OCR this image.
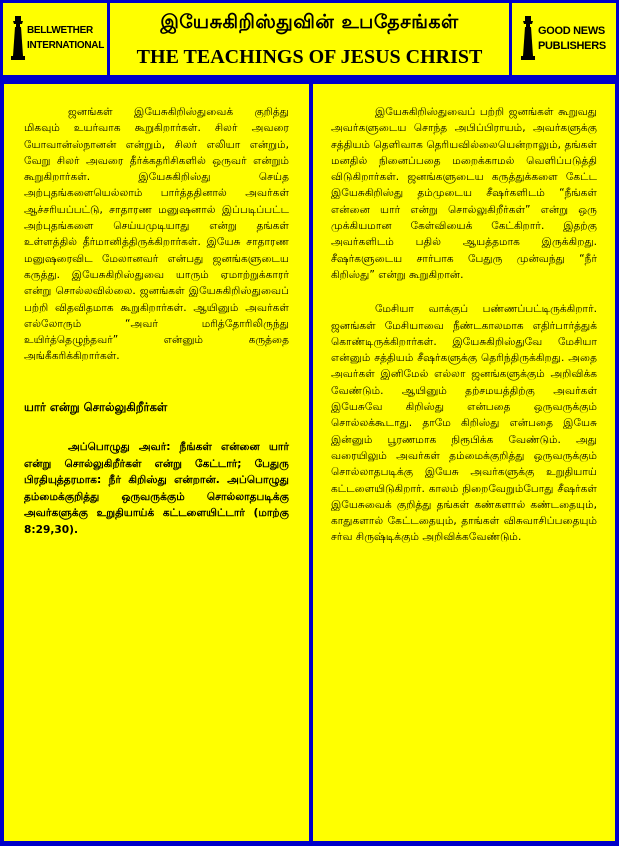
BELLWETHER
INTERNATIONAL
இயேசுகிறிஸ்துவின் உபதேசங்கள்
THE TEACHINGS OF JESUS CHRIST
GOOD NEWS
PUBLISHERS

ஜனங்கள் இயேசுகிறிஸ்துவைக் குறித்து மிகவும் உயர்வாக கூறுகிறார்கள். சிலர் அவரை யோவான்ஸ்நானன் என்றும், சிலர் எலியா என்றும், வேறு சிலர் அவரை தீர்க்கதரிசிகளில் ஒருவர் என்றும் கூறுகிறார்கள். இயேசுகிறிஸ்து செய்த அற்புதங்களையெல்லாம் பார்த்ததினால் அவர்கள் ஆச்சரியப்பட்டு, சாதாரண மனுஷனால் இப்படிப்பட்ட அற்புதங்களை செய்யமுடியாது என்று தங்கள் உள்ளத்தில் தீர்மானித்திருக்கிறார்கள். இயேசு சாதாரண மனுஷரைவிட மேலானவர் என்பது ஜனங்களுடைய கருத்து. இயேசுகிறிஸ்துவை யாரும் ஏமாற்றுக்காரர் என்று சொல்லவில்லை. ஜனங்கள் இயேசுகிறிஸ்துவைப் பற்றி விதவிதமாக கூறுகிறார்கள். ஆயினும் அவர்கள் எல்லோரும் “அவர் மரித்தோரிலிருந்து உயிர்த்தெழுந்தவர்” என்னும் கருத்தை அங்கீகரிக்கிறார்கள்.

யார் என்று சொல்லுகிறீர்கள்

அப்பொழுது அவர்: நீங்கள் என்னை யார் என்று சொல்லுகிறீர்கள் என்று கேட்டார்; பேதுரு பிரதியுத்தரமாக: நீர் கிறிஸ்து என்றான். அப்பொழுது தம்மைக்குறித்து ஒருவருக்கும் சொல்லாதபடிக்கு அவர்களுக்கு உறுதியாய்க் கட்டளையிட்டார் (மாற்கு 8:29,30).

இயேசுகிறிஸ்துவைப் பற்றி ஜனங்கள் கூறுவது அவர்களுடைய சொந்த அபிப்பிராயம், அவர்களுக்கு சத்தியம் தெளிவாக தெரியவில்லையென்றாலும், தங்கள் மனதில் நினைப்பதை மறைக்காமல் வெளிப்படுத்தி விடுகிறார்கள். ஜனங்களுடைய கருத்துக்களை கேட்ட இயேசுகிறிஸ்து தம்முடைய சீஷர்களிடம் “நீங்கள் என்னை யார் என்று சொல்லுகிறீர்கள்” என்று ஒரு முக்கியமான கேள்வியைக் கேட்கிறார். இதற்கு அவர்களிடம் பதில் ஆயத்தமாக இருக்கிறது. சீஷர்களுடைய சார்பாக பேதுரு முன்வந்து “நீர் கிறிஸ்து” என்று கூறுகிறான்.

மேசியா வாக்குப் பண்ணப்பட்டிருக்கிறார். ஜனங்கள் மேசியாவை நீண்டகாலமாக எதிர்பார்த்துக் கொண்டிருக்கிறார்கள். இயேசுகிறிஸ்துவே மேசியா என்னும் சத்தியம் சீஷர்களுக்கு தெரிந்திருக்கிறது. அதை அவர்கள் இனிமேல் எல்லா ஜனங்களுக்கும் அறிவிக்க வேண்டும். ஆயினும் தற்சமயத்திற்கு அவர்கள் இயேசுவே கிறிஸ்து என்பதை ஒருவருக்கும் சொல்லக்கூடாது. தாமே கிறிஸ்து என்பதை இயேசு இன்னும் பூரணமாக நிரூபிக்க வேண்டும். அது வரையிலும் அவர்கள் தம்மைக்குறித்து ஒருவருக்கும் சொல்லாதபடிக்கு இயேசு அவர்களுக்கு உறுதியாய் கட்டளையிடுகிறார். காலம் நிறைவேறும்போது சீஷர்கள் இயேசுவைக் குறித்து தங்கள் கண்களால் கண்டதையும், காதுகளால் கேட்டதையும், தாங்கள் விசுவாசிப்பதையும் சர்வ சிருஷ்டிக்கும் அறிவிக்கவேண்டும்.
